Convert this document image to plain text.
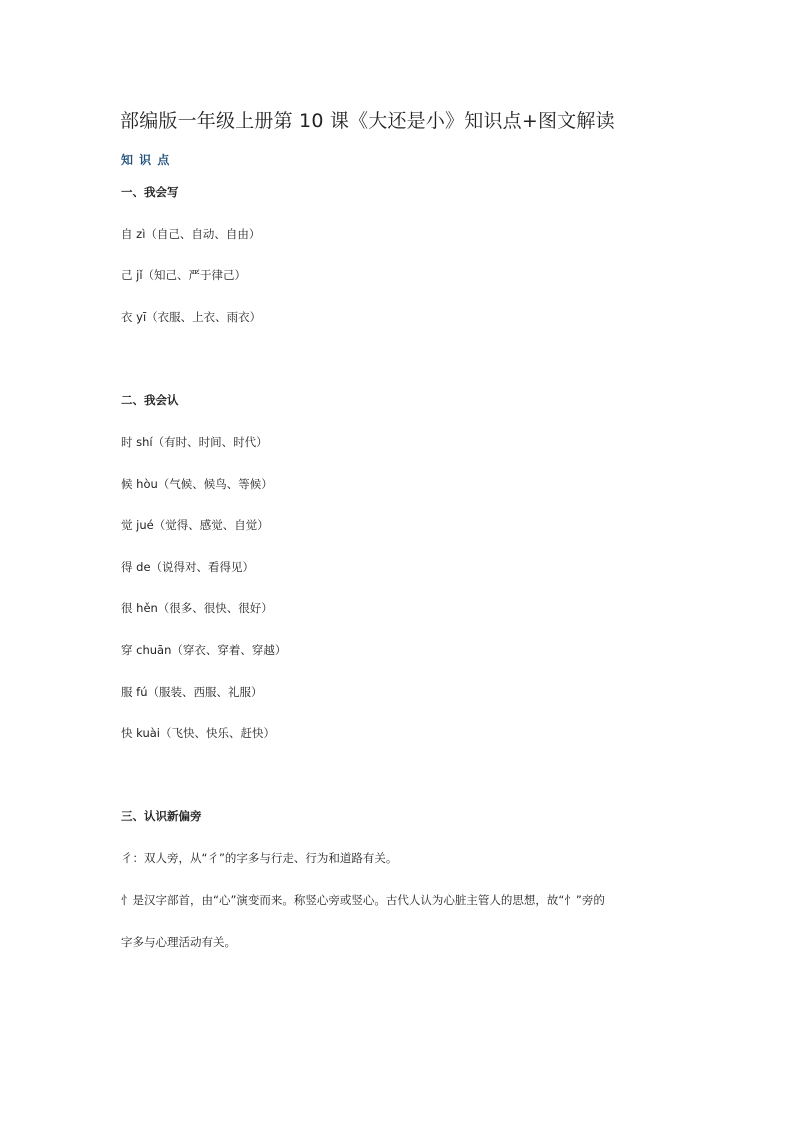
部编版一年级上册第 10 课《大还是小》知识点+图文解读
知 识 点
一、我会写
自 zì（自己、自动、自由）
己 jǐ（知己、严于律己）
衣 yī（衣服、上衣、雨衣）
二、我会认
时 shí（有时、时间、时代）
候 hòu（气候、候鸟、等候）
觉 jué（觉得、感觉、自觉）
得 de（说得对、看得见）
很 hěn（很多、很快、很好）
穿 chuān（穿衣、穿着、穿越）
服 fú（服装、西服、礼服）
快 kuài（飞快、快乐、赶快）
三、认识新偏旁
彳：双人旁，从“彳”的字多与行走、行为和道路有关。
忄是汉字部首，由“心”演变而来。称竖心旁或竖心。古代人认为心脏主管人的思想，故“忄”旁的
字多与心理活动有关。
